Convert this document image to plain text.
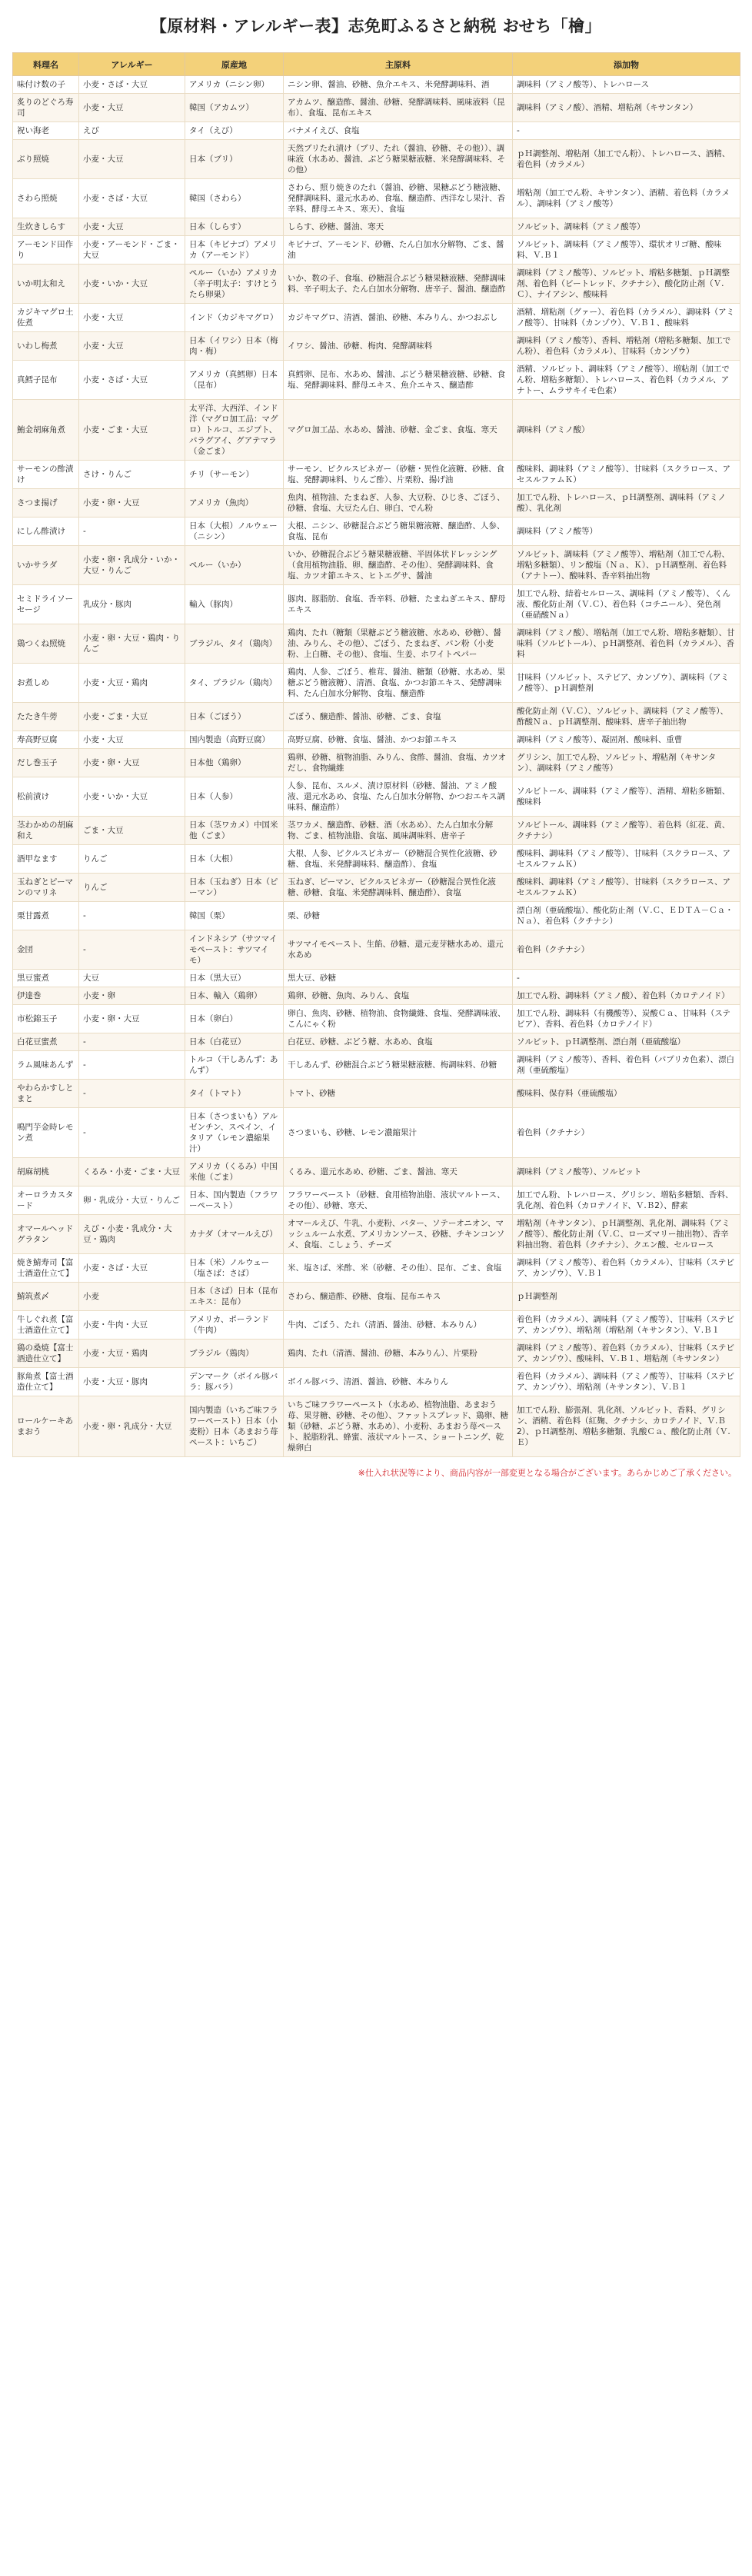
【原材料・アレルギー表】志免町ふるさと納税 おせち「檜」
料理名	アレルギー	原産地	主原料	添加物
味付け数の子	小麦・さば・大豆	アメリカ（ニシン卵）	ニシン卵、醤油、砂糖、魚介エキス、米発酵調味料、酒	調味料（アミノ酸等）、トレハロース
炙りのどぐろ寿司	小麦・大豆	韓国（アカムツ）	アカムツ、醸造酢、醤油、砂糖、発酵調味料、風味液料（昆布）、食塩、昆布エキス	調味料（アミノ酸）、酒精、増粘剤（キサンタン）
祝い海老	えび	タイ（えび）	バナメイえび、食塩	-
ぶり照焼	小麦・大豆	日本（ブリ）	天然ブリたれ漬け（ブリ、たれ（醤油、砂糖、その他））、調味液（水あめ、醤油、ぶどう糖果糖液糖、米発酵調味料、その他）	ｐＨ調整剤、増粘剤（加工でん粉）、トレハロース、酒精、着色料（カラメル）
さわら照焼	小麦・さば・大豆	韓国（さわら）	さわら、照り焼きのたれ（醤油、砂糖、果糖ぶどう糖液糖、発酵調味料、還元水あめ、食塩、醸造酢、西洋なし果汁、香辛料、酵母エキス、寒天）、食塩	増粘剤（加工でん粉、キサンタン）、酒精、着色料（カラメル）、調味料（アミノ酸等）
生炊きしらす	小麦・大豆	日本（しらす）	しらす、砂糖、醤油、寒天	ソルビット、調味料（アミノ酸等）
アーモンド田作り	小麦・アーモンド・ごま・大豆	日本（キビナゴ）アメリカ（アーモンド）	キビナゴ、アーモンド、砂糖、たん白加水分解物、ごま、醤油	ソルビット、調味料（アミノ酸等）、環状オリゴ糖、酸味料、Ｖ.Ｂ１
いか明太和え	小麦・いか・大豆	ペルー（いか）アメリカ（辛子明太子：すけとうたら卵巣）	いか、数の子、食塩、砂糖混合ぶどう糖果糖液糖、発酵調味料、辛子明太子、たん白加水分解物、唐辛子、醤油、醸造酢	調味料（アミノ酸等）、ソルビット、増粘多糖類、ｐＨ調整剤、着色料（ビートレッド、クチナシ）、酸化防止剤（Ｖ.Ｃ）、ナイアシン、酸味料
カジキマグロ土佐煮	小麦・大豆	インド（カジキマグロ）	カジキマグロ、清酒、醤油、砂糖、本みりん、かつおぶし	酒精、増粘剤（グァー）、着色料（カラメル）、調味料（アミノ酸等）、甘味料（カンゾウ）、Ｖ.Ｂ１、酸味料
いわし梅煮	小麦・大豆	日本（イワシ）日本（梅肉・梅）	イワシ、醤油、砂糖、梅肉、発酵調味料	調味料（アミノ酸等）、香料、増粘剤（増粘多糖類、加工でん粉）、着色料（カラメル）、甘味料（カンゾウ）
真鱈子昆布	小麦・さば・大豆	アメリカ（真鱈卵）日本（昆布）	真鱈卵、昆布、水あめ、醤油、ぶどう糖果糖液糖、砂糖、食塩、発酵調味料、酵母エキス、魚介エキス、醸造酢	酒精、ソルビット、調味料（アミノ酸等）、増粘剤（加工でん粉、増粘多糖類）、トレハロース、着色料（カラメル、アナトー、ムラサキイモ色素）
鮪金胡麻角煮	小麦・ごま・大豆	太平洋、大西洋、インド洋（マグロ加工品：マグロ）トルコ、エジプト、パラグアイ、グアテマラ（金ごま）	マグロ加工品、水あめ、醤油、砂糖、金ごま、食塩、寒天	調味料（アミノ酸）
サーモンの酢漬け	さけ・りんご	チリ（サーモン）	サーモン、ピクルスビネガー（砂糖・異性化液糖、砂糖、食塩、発酵調味料、りんご酢）、片栗粉、揚げ油	酸味料、調味料（アミノ酸等）、甘味料（スクラロース、アセスルファムＫ）
さつま揚げ	小麦・卵・大豆	アメリカ（魚肉）	魚肉、植物油、たまねぎ、人参、大豆粉、ひじき、ごぼう、砂糖、食塩、大豆たん白、卵白、でん粉	加工でん粉、トレハロース、ｐＨ調整剤、調味料（アミノ酸）、乳化剤
にしん酢漬け	-	日本（大根）ノルウェー（ニシン）	大根、ニシン、砂糖混合ぶどう糖果糖液糖、醸造酢、人参、食塩、昆布	調味料（アミノ酸等）
いかサラダ	小麦・卵・乳成分・いか・大豆・りんご	ペルー（いか）	いか、砂糖混合ぶどう糖果糖液糖、半固体状ドレッシング（食用植物油脂、卵、醸造酢、その他）、発酵調味料、食塩、カツオ節エキス、ヒトエグサ、醤油	ソルビット、調味料（アミノ酸等）、増粘剤（加工でん粉、増粘多糖類）、リン酸塩（Ｎａ、Ｋ）、ｐＨ調整剤、着色料（アナトー）、酸味料、香辛料抽出物
セミドライソーセージ	乳成分・豚肉	輸入（豚肉）	豚肉、豚脂肪、食塩、香辛料、砂糖、たまねぎエキス、酵母エキス	加工でん粉、結着セルロース、調味料（アミノ酸等）、くん液、酸化防止剤（Ｖ.Ｃ）、着色料（コチニール）、発色剤（亜硝酸Ｎａ）
鶏つくね照焼	小麦・卵・大豆・鶏肉・りんご	ブラジル、タイ（鶏肉）	鶏肉、たれ（糖類（果糖ぶどう糖液糖、水あめ、砂糖）、醤油、みりん、その他）、ごぼう、たまねぎ、パン粉（小麦粉、上白糖、その他）、食塩、生姜、ホワイトペパー	調味料（アミノ酸）、増粘剤（加工でん粉、増粘多糖類）、甘味料（ソルビトール）、ｐＨ調整剤、着色料（カラメル）、香料
お煮しめ	小麦・大豆・鶏肉	タイ、ブラジル（鶏肉）	鶏肉、人参、ごぼう、椎茸、醤油、糖類（砂糖、水あめ、果糖ぶどう糖液糖）、清酒、食塩、かつお節エキス、発酵調味料、たん白加水分解物、食塩、醸造酢	甘味料（ソルビット、ステビア、カンゾウ）、調味料（アミノ酸等）、ｐＨ調整剤
たたき牛蒡	小麦・ごま・大豆	日本（ごぼう）	ごぼう、醸造酢、醤油、砂糖、ごま、食塩	酸化防止剤（Ｖ.Ｃ）、ソルビット、調味料（アミノ酸等）、酢酸Ｎａ、ｐＨ調整剤、酸味料、唐辛子抽出物
寿高野豆腐	小麦・大豆	国内製造（高野豆腐）	高野豆腐、砂糖、食塩、醤油、かつお節エキス	調味料（アミノ酸等）、凝固剤、酸味料、重曹
だし巻玉子	小麦・卵・大豆	日本他（鶏卵）	鶏卵、砂糖、植物油脂、みりん、食酢、醤油、食塩、カツオだし、食物繊維	グリシン、加工でん粉、ソルビット、増粘剤（キサンタン）、調味料（アミノ酸等）
松前漬け	小麦・いか・大豆	日本（人参）	人参、昆布、スルメ、漬け原材料（砂糖、醤油、アミノ酸液、還元水あめ、食塩、たん白加水分解物、かつおエキス調味料、醸造酢）	ソルビトール、調味料（アミノ酸等）、酒精、増粘多糖類、酸味料
茎わかめの胡麻和え	ごま・大豆	日本（茎ワカメ）中国米他（ごま）	茎ワカメ、醸造酢、砂糖、酒（水あめ）、たん白加水分解物、ごま、植物油脂、食塩、風味調味料、唐辛子	ソルビトール、調味料（アミノ酸等）、着色料（紅花、黄、クチナシ）
酒甲なます	りんご	日本（大根）	大根、人参、ピクルスビネガー（砂糖混合異性化液糖、砂糖、食塩、米発酵調味料、醸造酢）、食塩	酸味料、調味料（アミノ酸等）、甘味料（スクラロース、アセスルファムＫ）
玉ねぎとピーマンのマリネ	りんご	日本（玉ねぎ）日本（ピーマン）	玉ねぎ、ピーマン、ピクルスビネガー（砂糖混合異性化液糖、砂糖、食塩、米発酵調味料、醸造酢）、食塩	酸味料、調味料（アミノ酸等）、甘味料（スクラロース、アセスルファムＫ）
栗甘露煮	-	韓国（栗）	栗、砂糖	漂白剤（亜硫酸塩）、酸化防止剤（Ｖ.Ｃ、ＥＤＴＡ－Ｃａ・Ｎａ）、着色料（クチナシ）
金団	-	インドネシア（サツマイモペースト：サツマイモ）	サツマイモペースト、生餡、砂糖、還元麦芽糖水あめ、還元水あめ	着色料（クチナシ）
黒豆蜜煮	大豆	日本（黒大豆）	黒大豆、砂糖	-
伊達巻	小麦・卵	日本、輸入（鶏卵）	鶏卵、砂糖、魚肉、みりん、食塩	加工でん粉、調味料（アミノ酸）、着色料（カロテノイド）
市松錦玉子	小麦・卵・大豆	日本（卵白）	卵白、魚肉、砂糖、植物油、食物繊維、食塩、発酵調味液、こんにゃく粉	加工でん粉、調味料（有機酸等）、炭酸Ｃａ、甘味料（ステビア）、香料、着色料（カロテノイド）
白花豆蜜煮	-	日本（白花豆）	白花豆、砂糖、ぶどう糖、水あめ、食塩	ソルビット、ｐＨ調整剤、漂白剤（亜硫酸塩）
ラム風味あんず	-	トルコ（干しあんず：あんず）	干しあんず、砂糖混合ぶどう糖果糖液糖、梅調味料、砂糖	調味料（アミノ酸等）、香料、着色料（パプリカ色素）、漂白剤（亜硫酸塩）
やわらかすしとまと	-	タイ（トマト）	トマト、砂糖	酸味料、保存料（亜硫酸塩）
鳴門芋金時レモン煮	-	日本（さつまいも）アルゼンチン、スペイン、イタリア（レモン濃縮果汁）	さつまいも、砂糖、レモン濃縮果汁	着色料（クチナシ）
胡麻胡桃	くるみ・小麦・ごま・大豆	アメリカ（くるみ）中国米他（ごま）	くるみ、還元水あめ、砂糖、ごま、醤油、寒天	調味料（アミノ酸等）、ソルビット
オーロラカスタード	卵・乳成分・大豆・りんご	日本、国内製造（フラワーペースト）	フラワーペースト（砂糖、食用植物油脂、液状マルトース、その他）、砂糖、寒天、	加工でん粉、トレハロース、グリシン、増粘多糖類、香料、乳化剤、着色料（カロテノイド、Ｖ.Ｂ2）、酵素
オマールヘッドグラタン	えび・小麦・乳成分・大豆・鶏肉	カナダ（オマールえび）	オマールえび、牛乳、小麦粉、バター、ソテーオニオン、マッシュルーム水煮、アメリカンソース、砂糖、チキンコンソメ、食塩、こしょう、チーズ	増粘剤（キサンタン）、ｐＨ調整剤、乳化剤、調味料（アミノ酸等）、酸化防止剤（Ｖ.Ｃ、ローズマリー抽出物）、香辛料抽出物、着色料（クチナシ）、クエン酸、セルロース
焼き鯖寿司【富士酒造仕立て】	小麦・さば・大豆	日本（米）ノルウェー（塩さば：さば）	米、塩さば、米酢、米（砂糖、その他）、昆布、ごま、食塩	調味料（アミノ酸等）、着色料（カラメル）、甘味料（ステビア、カンゾウ）、Ｖ.Ｂ１
鯖筑煮〆	小麦	日本（さば）日本（昆布エキス：昆布）	さわら、醸造酢、砂糖、食塩、昆布エキス	ｐＨ調整剤
牛しぐれ煮【富士酒造仕立て】	小麦・牛肉・大豆	アメリカ、ポーランド（牛肉）	牛肉、ごぼう、たれ（清酒、醤油、砂糖、本みりん）	着色料（カラメル）、調味料（アミノ酸等）、甘味料（ステビア、カンゾウ）、増粘剤（増粘剤（キサンタン）、Ｖ.Ｂ１
鶏の桑焼【富士酒造仕立て】	小麦・大豆・鶏肉	ブラジル（鶏肉）	鶏肉、たれ（清酒、醤油、砂糖、本みりん）、片栗粉	調味料（アミノ酸等）、着色料（カラメル）、甘味料（ステビア、カンゾウ）、酸味料、Ｖ.Ｂ１、増粘剤（キサンタン）
豚角煮【富士酒造仕立て】	小麦・大豆・豚肉	デンマーク（ボイル豚バラ：豚バラ）	ボイル豚バラ、清酒、醤油、砂糖、本みりん	着色料（カラメル）、調味料（アミノ酸等）、甘味料（ステビア、カンゾウ）、増粘剤（キサンタン）、Ｖ.Ｂ１
ロールケーキあまおう	小麦・卵・乳成分・大豆	国内製造（いちご味フラワーペースト）日本（小麦粉）日本（あまおう苺ペースト：いちご）	いちご味フラワーペースト（水あめ、植物油脂、あまおう苺、果芽糖、砂糖、その他）、ファットスプレッド、鶏卵、糖類（砂糖、ぶどう糖、水あめ）、小麦粉、あまおう苺ペースト、脱脂粉乳、蜂蜜、液状マルトース、ショートニング、乾燥卵白	加工でん粉、膨張剤、乳化剤、ソルビット、香料、グリシン、酒精、着色料（紅麹、クチナシ、カロテノイド、Ｖ.Ｂ2）、ｐＨ調整剤、増粘多糖類、乳酸Ｃａ、酸化防止剤（Ｖ.Ｅ）
※仕入れ状況等により、商品内容が一部変更となる場合がございます。あらかじめご了承ください。
